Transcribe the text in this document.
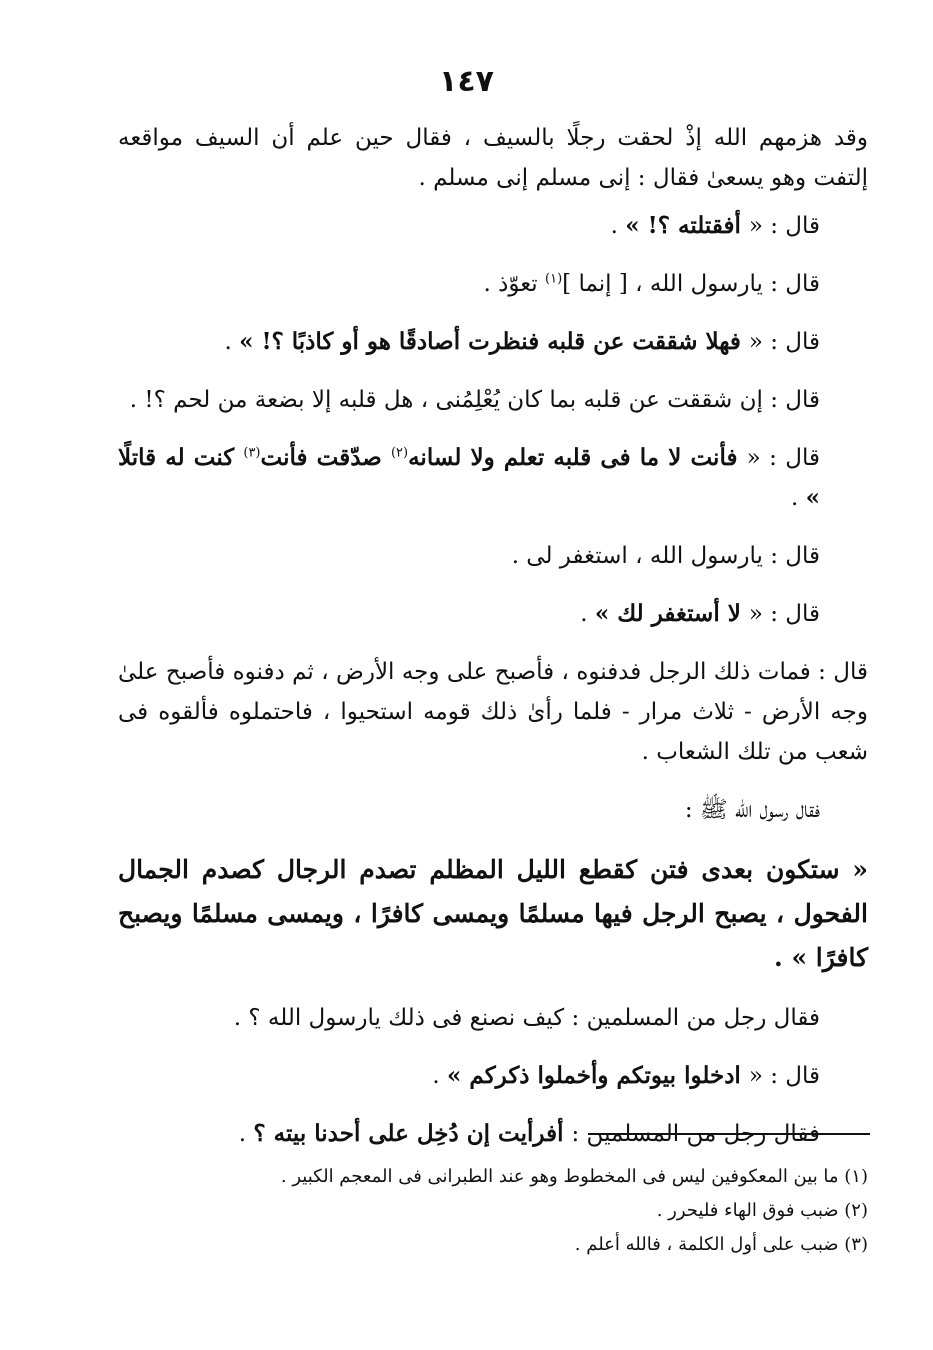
١٤٧

وقد هزمهم الله إذْ لحقت رجلًا بالسيف ، فقال حين علم أن السيف مواقعه إلتفت وهو يسعىٰ فقال : إنى مسلم إنى مسلم .

قال : « أفقتلته ؟! » .

قال : يارسول الله ، [ إنما ]$^{(١)}$ تعوّذ .

قال : « فهلا شققت عن قلبه فنظرت أصادقًا هو أو كاذبًا ؟! » .

قال : إن شققت عن قلبه بما كان يُعْلِمُنى ، هل قلبه إلا بضعة من لحم ؟! .

قال : « فأنت لا ما فى قلبه تعلم ولا لسانه$^{(٢)}$ صدّقت فأنت$^{(٣)}$ كنت له قاتلًا » .

قال : يارسول الله ، استغفر لى .

قال : « لا أستغفر لك » .

قال : فمات ذلك الرجل فدفنوه ، فأصبح على وجه الأرض ، ثم دفنوه فأصبح علىٰ وجه الأرض - ثلاث مرار - فلما رأىٰ ذلك قومه استحيوا ، فاحتملوه فألقوه فى شعب من تلك الشعاب .

فقال رسول الله ﷺ :

« ستكون بعدى فتن كقطع الليل المظلم تصدم الرجال كصدم الجمال الفحول ، يصبح الرجل فيها مسلمًا ويمسى كافرًا ، ويمسى مسلمًا ويصبح كافرًا » .

فقال رجل من المسلمين : كيف نصنع فى ذلك يارسول الله ؟ .

قال : « ادخلوا بيوتكم وأخملوا ذكركم » .

فقال رجل من المسلمين : أفرأيت إن دُخِل على أحدنا بيته ؟ .

(١) ما بين المعكوفين ليس فى المخطوط وهو عند الطبرانى فى المعجم الكبير .

(٢) ضبب فوق الهاء فليحرر .

(٣) ضبب على أول الكلمة ، فالله أعلم .
